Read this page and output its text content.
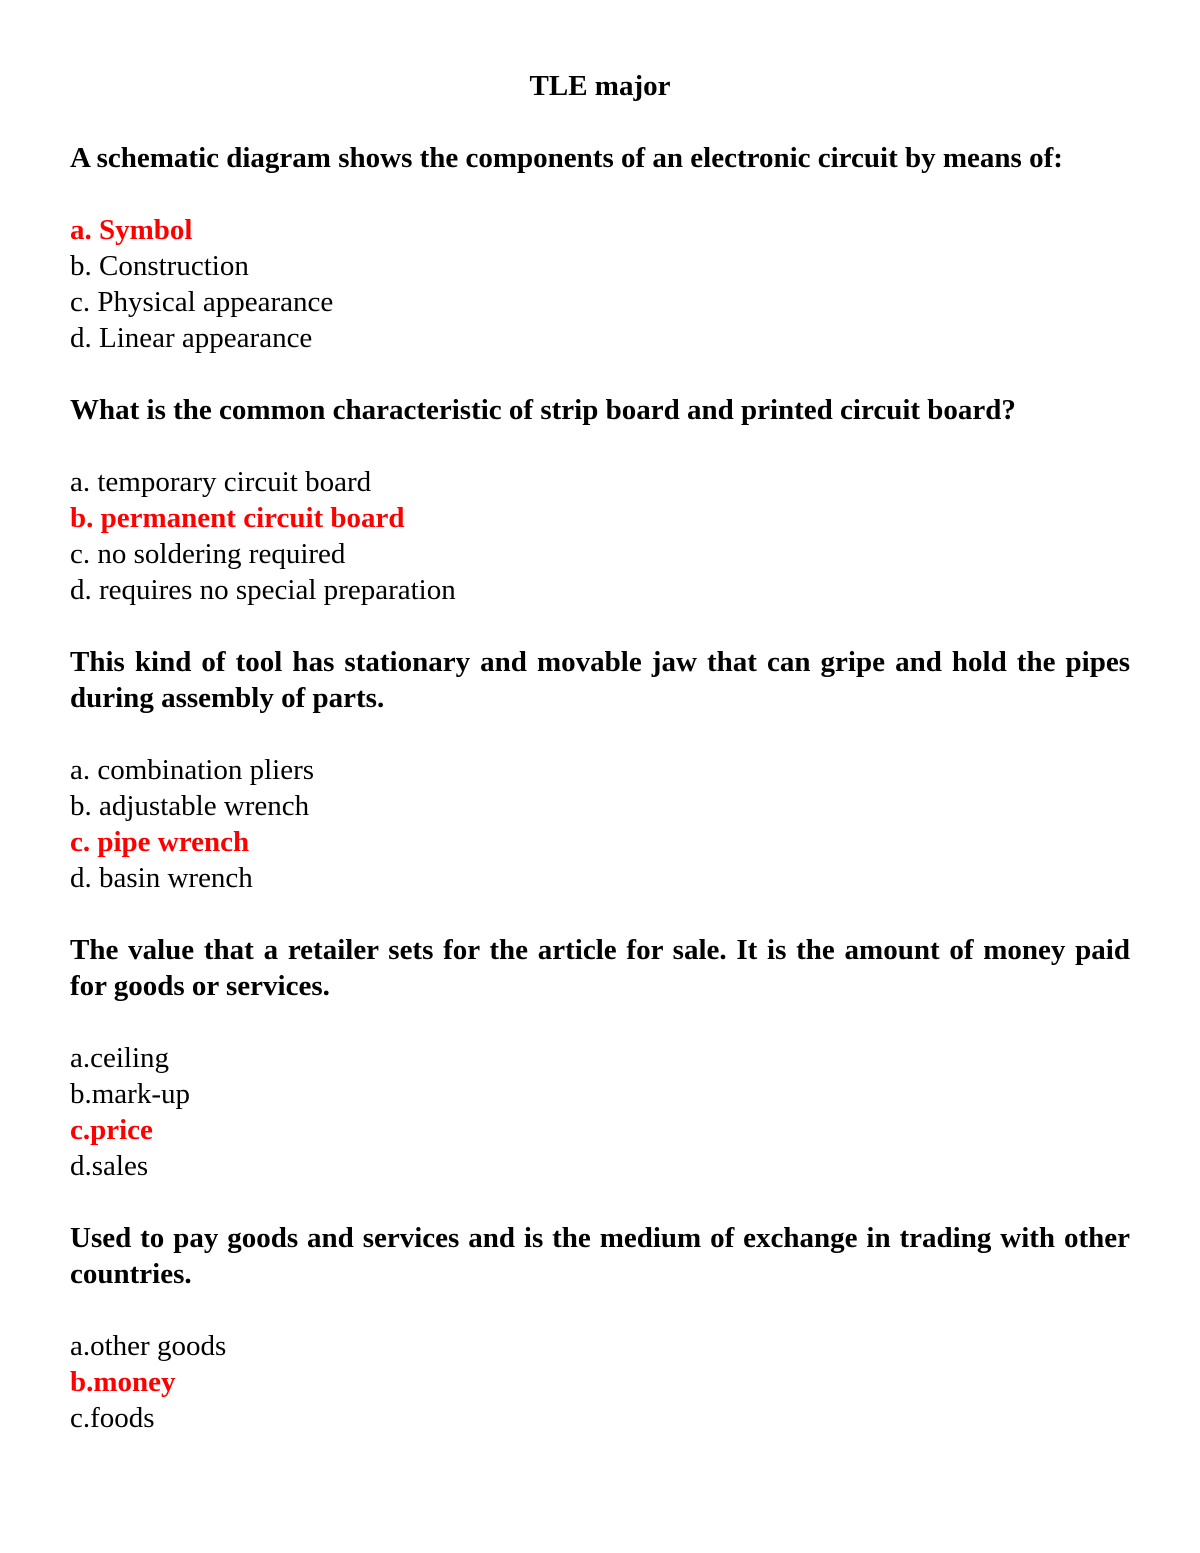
TLE major
A schematic diagram shows the components of an electronic circuit by means of:
a. Symbol
b. Construction
c. Physical appearance
d. Linear appearance
What is the common characteristic of strip board and printed circuit board?
a. temporary circuit board
b. permanent circuit board
c. no soldering required
d. requires no special preparation
This kind of tool has stationary and movable jaw that can gripe and hold the pipes during assembly of parts.
a. combination pliers
b. adjustable wrench
c. pipe wrench
d. basin wrench
The value that a retailer sets for the article for sale. It is the amount of money paid for goods or services.
a.ceiling
b.mark-up
c.price
d.sales
Used to pay goods and services and is the medium of exchange in trading with other countries.
a.other goods
b.money
c.foods
